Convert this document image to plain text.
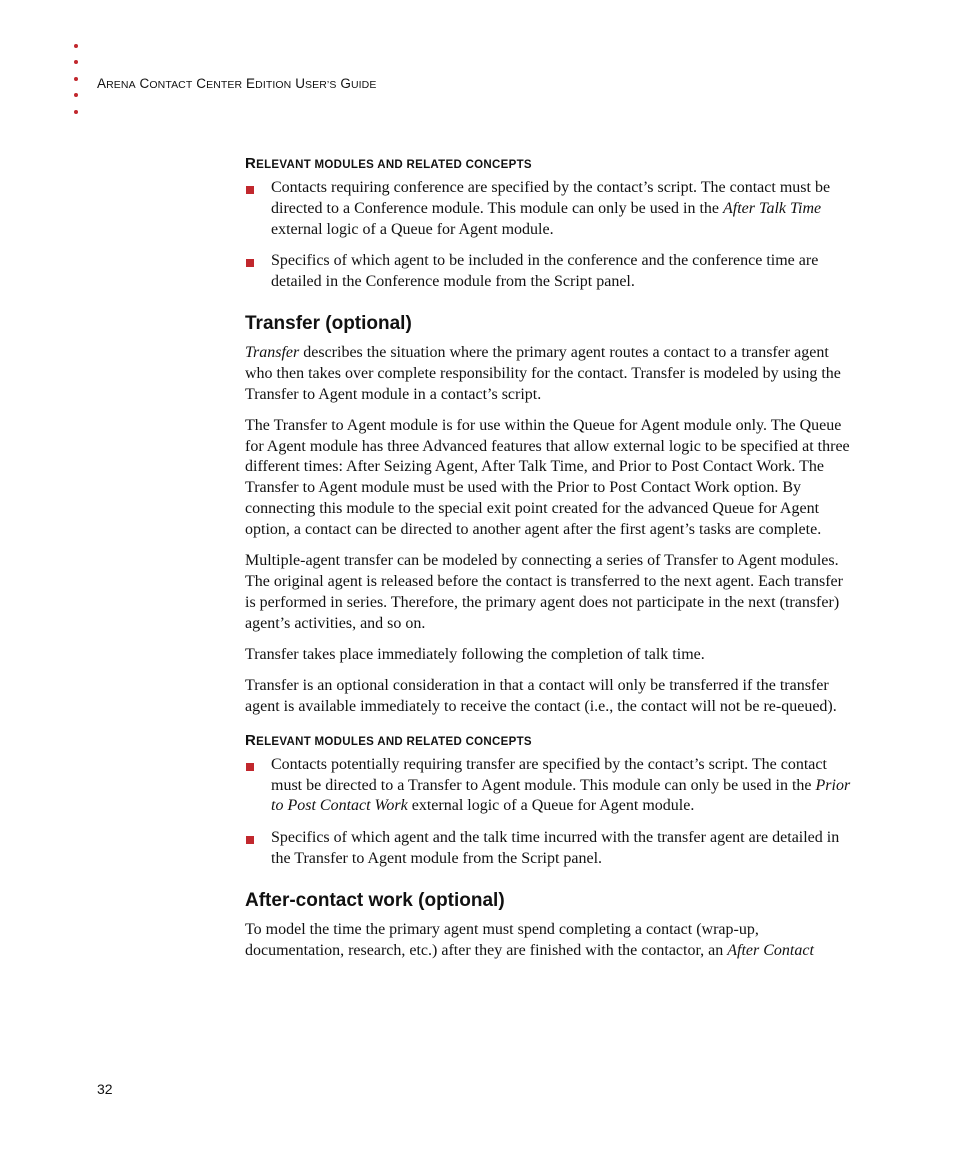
ARENA CONTACT CENTER EDITION USER’S GUIDE
RELEVANT MODULES AND RELATED CONCEPTS
Contacts requiring conference are specified by the contact’s script. The contact must be directed to a Conference module. This module can only be used in the After Talk Time external logic of a Queue for Agent module.
Specifics of which agent to be included in the conference and the conference time are detailed in the Conference module from the Script panel.
Transfer (optional)

Transfer describes the situation where the primary agent routes a contact to a transfer agent who then takes over complete responsibility for the contact. Transfer is modeled by using the Transfer to Agent module in a contact’s script.

The Transfer to Agent module is for use within the Queue for Agent module only. The Queue for Agent module has three Advanced features that allow external logic to be specified at three different times: After Seizing Agent, After Talk Time, and Prior to Post Contact Work. The Transfer to Agent module must be used with the Prior to Post Contact Work option. By connecting this module to the special exit point created for the advanced Queue for Agent option, a contact can be directed to another agent after the first agent’s tasks are complete.

Multiple-agent transfer can be modeled by connecting a series of Transfer to Agent modules. The original agent is released before the contact is transferred to the next agent. Each transfer is performed in series. Therefore, the primary agent does not participate in the next (transfer) agent’s activities, and so on.

Transfer takes place immediately following the completion of talk time.

Transfer is an optional consideration in that a contact will only be transferred if the transfer agent is available immediately to receive the contact (i.e., the contact will not be re-queued).

RELEVANT MODULES AND RELATED CONCEPTS
Contacts potentially requiring transfer are specified by the contact’s script. The contact must be directed to a Transfer to Agent module. This module can only be used in the Prior to Post Contact Work external logic of a Queue for Agent module.
Specifics of which agent and the talk time incurred with the transfer agent are detailed in the Transfer to Agent module from the Script panel.
After-contact work (optional)

To model the time the primary agent must spend completing a contact (wrap-up, documentation, research, etc.) after they are finished with the contactor, an After Contact

32
